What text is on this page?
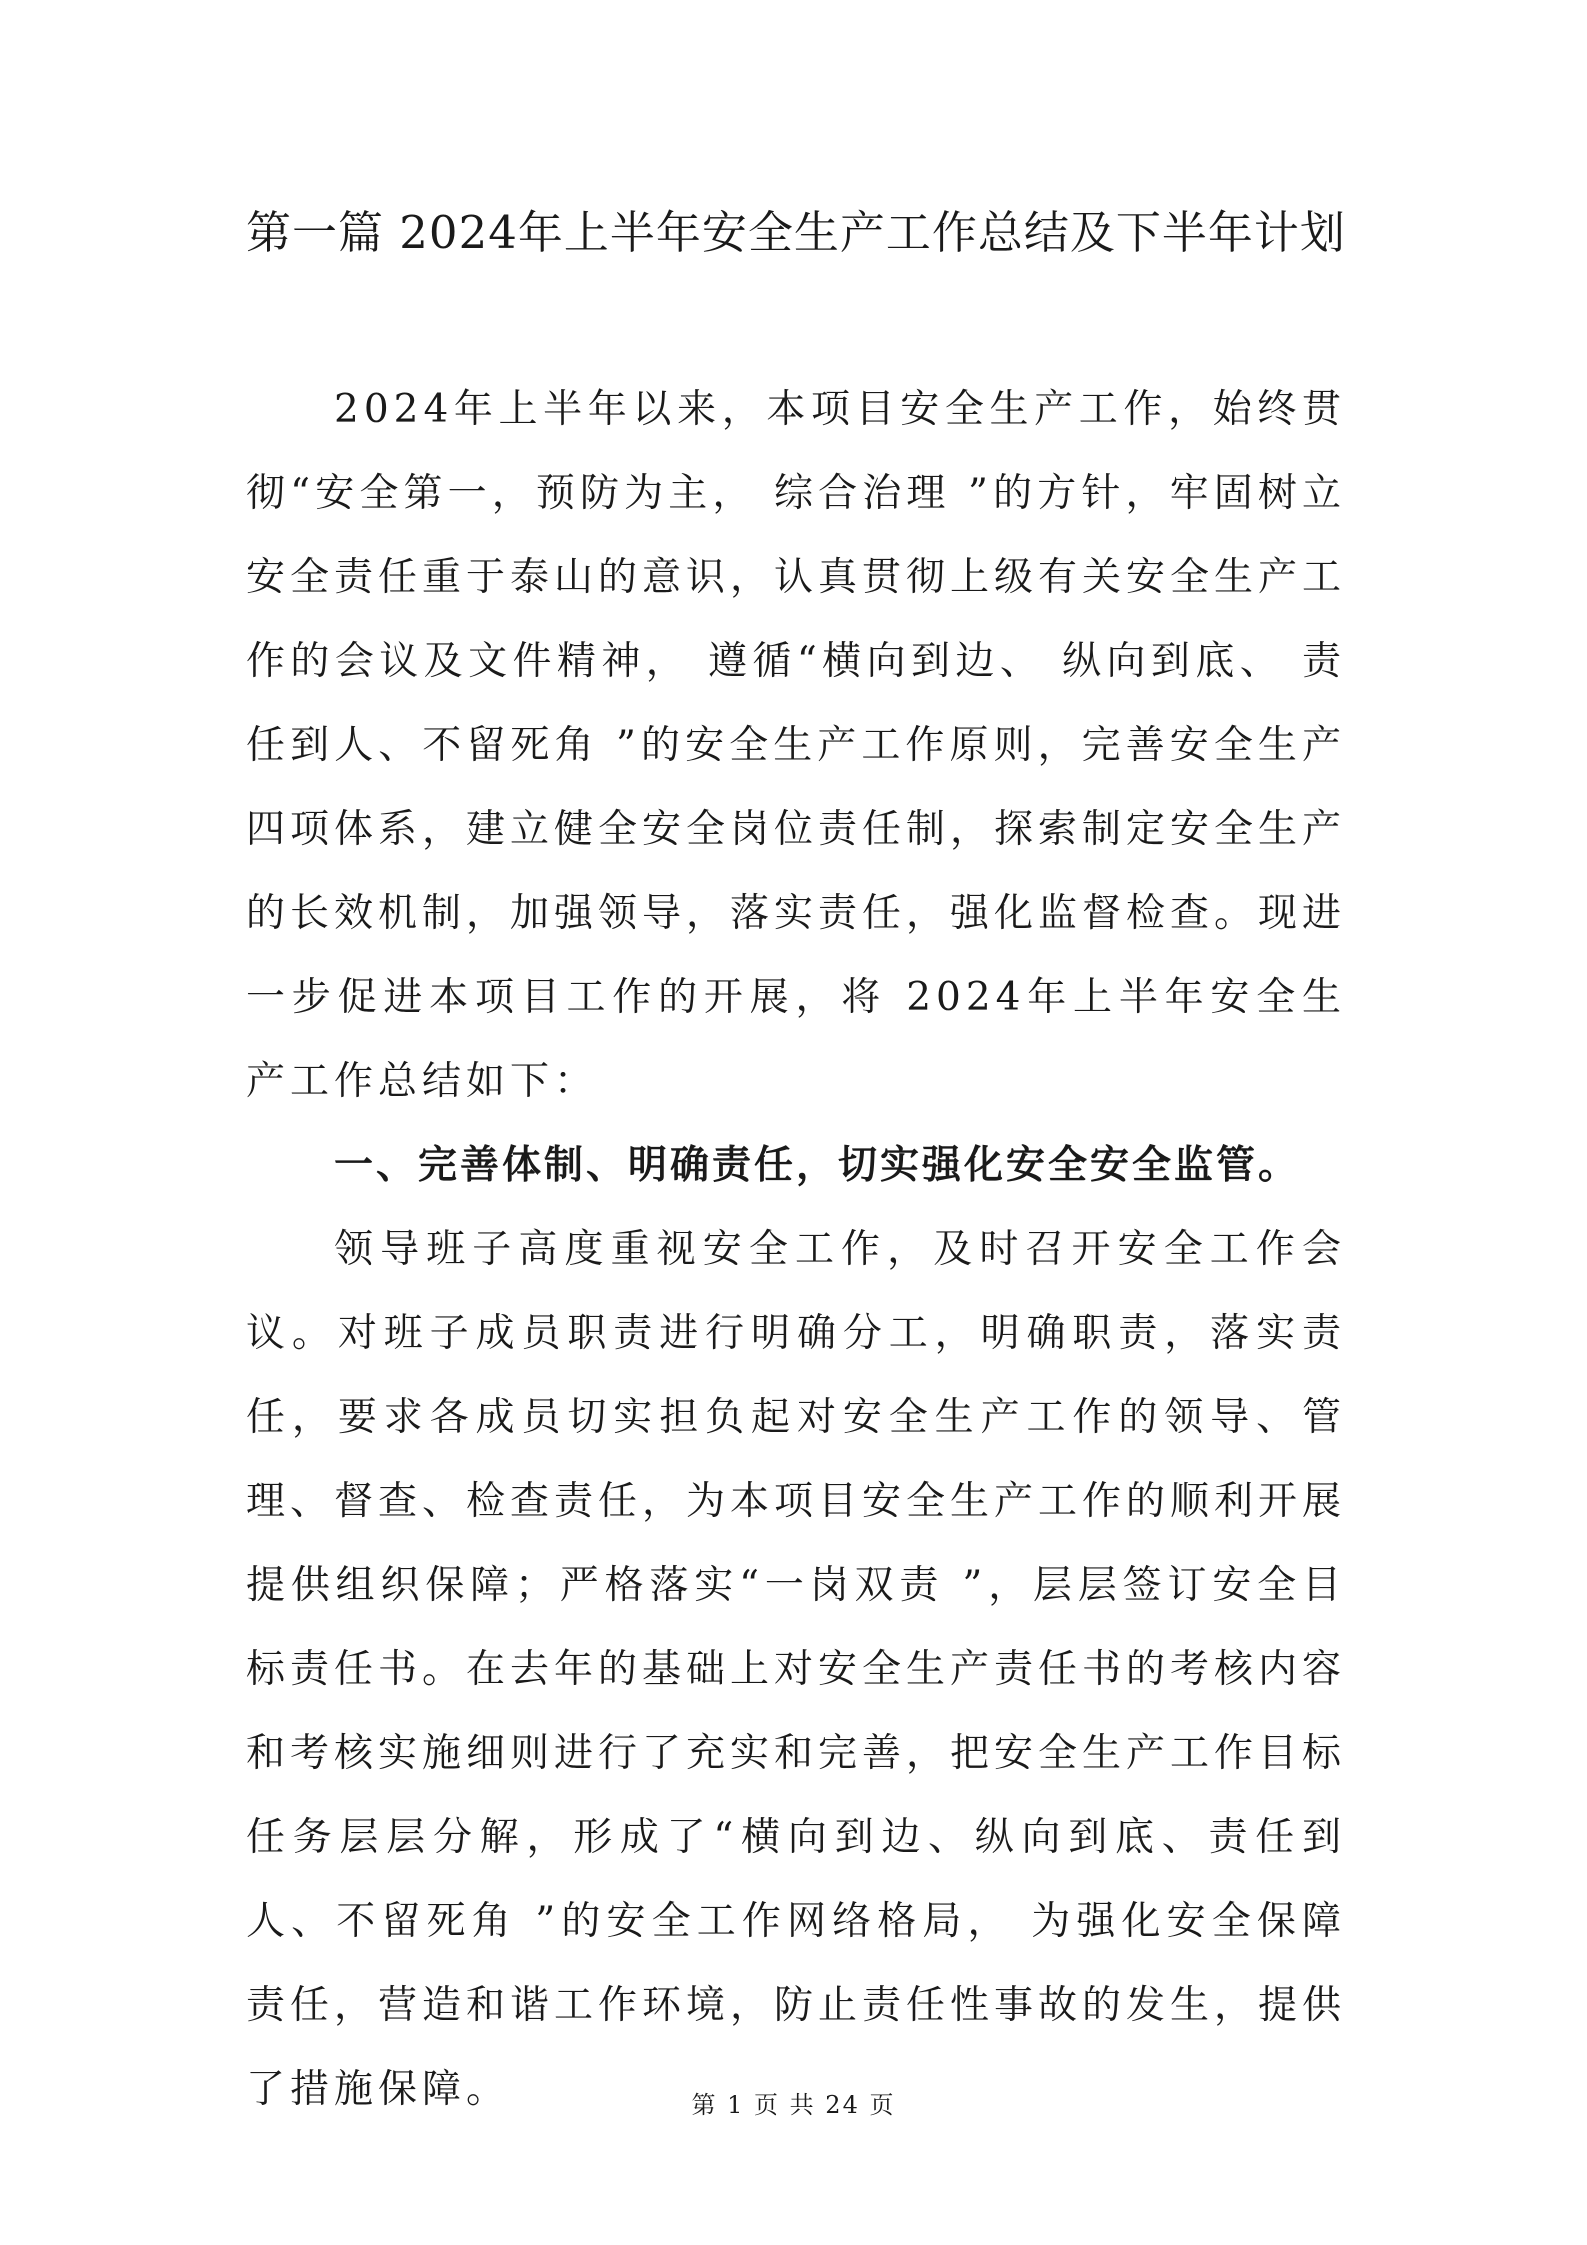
第一篇 2024年上半年安全生产工作总结及下半年计划

2024年上半年以来，本项目安全生产工作，始终贯彻“安全第一，预防为主， 综合治理 ”的方针，牢固树立安全责任重于泰山的意识，认真贯彻上级有关安全生产工作的会议及文件精神， 遵循“横向到边、 纵向到底、 责任到人、不留死角 ”的安全生产工作原则，完善安全生产四项体系，建立健全安全岗位责任制，探索制定安全生产的长效机制，加强领导，落实责任，强化监督检查。现进一步促进本项目工作的开展，将 2024年上半年安全生产工作总结如下：

一、完善体制、明确责任，切实强化安全安全监管。

领导班子高度重视安全工作，及时召开安全工作会议。对班子成员职责进行明确分工，明确职责，落实责任，要求各成员切实担负起对安全生产工作的领导、管理、督查、检查责任，为本项目安全生产工作的顺利开展提供组织保障；严格落实“一岗双责 ”，层层签订安全目标责任书。在去年的基础上对安全生产责任书的考核内容和考核实施细则进行了充实和完善，把安全生产工作目标任务层层分解，形成了“横向到边、纵向到底、责任到人、不留死角 ”的安全工作网络格局， 为强化安全保障责任，营造和谐工作环境，防止责任性事故的发生，提供了措施保障。	第 1 页 共 24 页
